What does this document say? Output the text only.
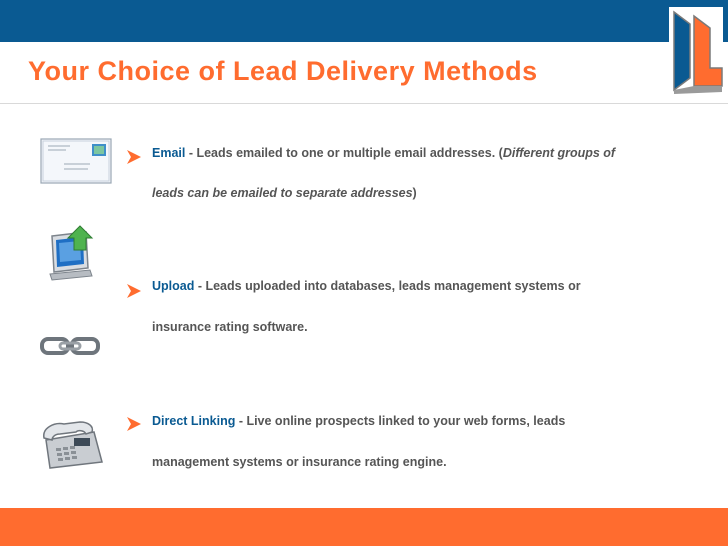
Your Choice of Lead Delivery Methods

Email - Leads emailed to one or multiple email addresses. (Different groups of

leads can be emailed to separate addresses)

Upload - Leads uploaded into databases, leads management systems or

insurance rating software.

Direct Linking - Live online prospects linked to your web forms, leads

management systems or insurance rating engine.
